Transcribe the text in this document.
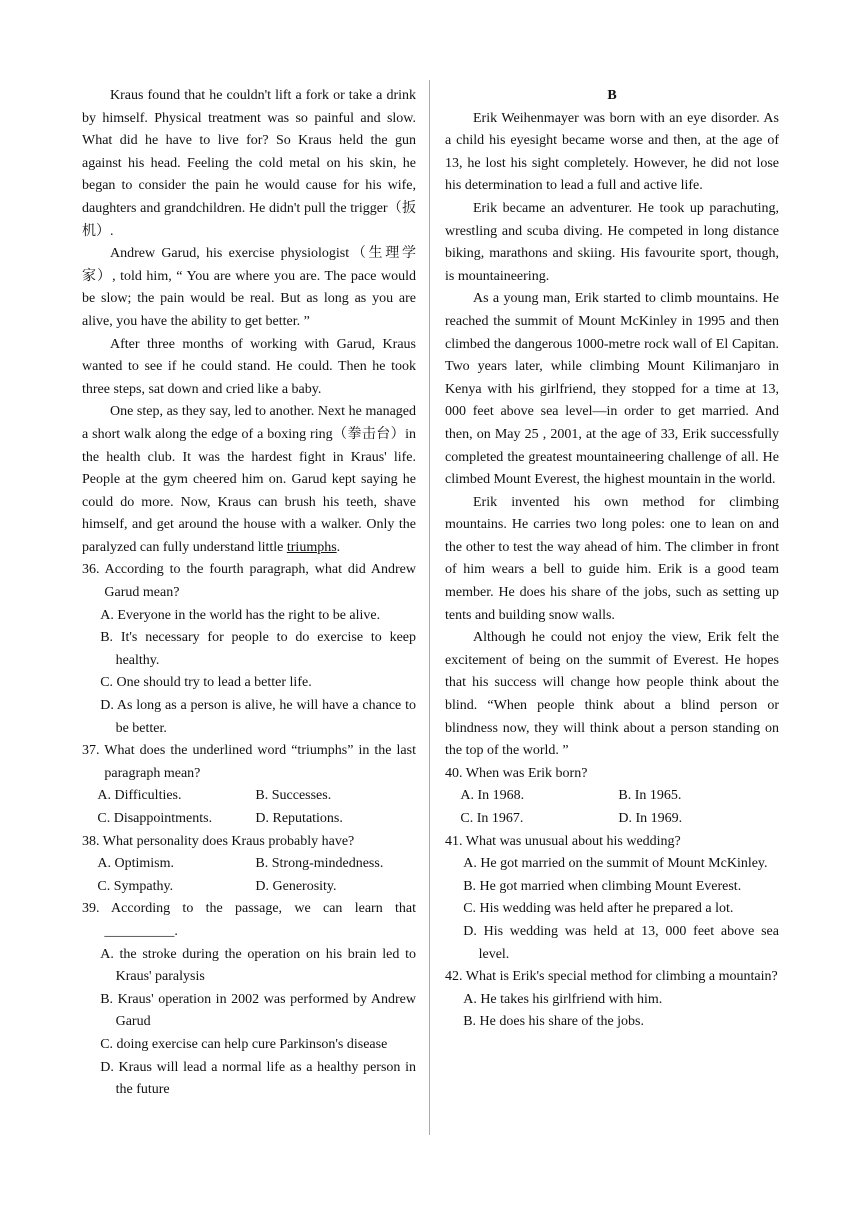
Kraus found that he couldn't lift a fork or take a drink by himself. Physical treatment was so painful and slow. What did he have to live for? So Kraus held the gun against his head. Feeling the cold metal on his skin, he began to consider the pain he would cause for his wife, daughters and grandchildren. He didn't pull the trigger（扳机）.

Andrew Garud, his exercise physiologist（生理学家）, told him, “ You are where you are. The pace would be slow; the pain would be real. But as long as you are alive, you have the ability to get better. ”

After three months of working with Garud, Kraus wanted to see if he could stand. He could. Then he took three steps, sat down and cried like a baby.

One step, as they say, led to another. Next he managed a short walk along the edge of a boxing ring（拳击台）in the health club. It was the hardest fight in Kraus' life. People at the gym cheered him on. Garud kept saying he could do more. Now, Kraus can brush his teeth, shave himself, and get around the house with a walker. Only the paralyzed can fully understand little triumphs.

36. According to the fourth paragraph, what did Andrew Garud mean?

A. Everyone in the world has the right to be alive.

B. It's necessary for people to do exercise to keep healthy.

C. One should try to lead a better life.

D. As long as a person is alive, he will have a chance to be better.

37. What does the underlined word “triumphs” in the last paragraph mean?

A. Difficulties.	B. Successes.
C. Disappointments.	D. Reputations.

38. What personality does Kraus probably have?

A. Optimism.	B. Strong-mindedness.
C. Sympathy.	D. Generosity.

39. According to the passage, we can learn that __________.

A. the stroke during the operation on his brain led to Kraus' paralysis

B. Kraus' operation in 2002 was performed by Andrew Garud

C. doing exercise can help cure Parkinson's disease

D. Kraus will lead a normal life as a healthy person in the future

B

Erik Weihenmayer was born with an eye disorder. As a child his eyesight became worse and then, at the age of 13, he lost his sight completely. However, he did not lose his determination to lead a full and active life.

Erik became an adventurer. He took up parachuting, wrestling and scuba diving. He competed in long distance biking, marathons and skiing. His favourite sport, though, is mountaineering.

As a young man, Erik started to climb mountains. He reached the summit of Mount McKinley in 1995 and then climbed the dangerous 1000-metre rock wall of El Capitan. Two years later, while climbing Mount Kilimanjaro in Kenya with his girlfriend, they stopped for a time at 13, 000 feet above sea level—in order to get married. And then, on May 25 , 2001, at the age of 33, Erik successfully completed the greatest mountaineering challenge of all. He climbed Mount Everest, the highest mountain in the world.

Erik invented his own method for climbing mountains. He carries two long poles: one to lean on and the other to test the way ahead of him. The climber in front of him wears a bell to guide him. Erik is a good team member. He does his share of the jobs, such as setting up tents and building snow walls.

Although he could not enjoy the view, Erik felt the excitement of being on the summit of Everest. He hopes that his success will change how people think about the blind. “When people think about a blind person or blindness now, they will think about a person standing on the top of the world. ”

40. When was Erik born?

A. In 1968.	B. In 1965.
C. In 1967.	D. In 1969.

41. What was unusual about his wedding?

A. He got married on the summit of Mount McKinley.

B. He got married when climbing Mount Everest.

C. His wedding was held after he prepared a lot.

D. His wedding was held at 13, 000 feet above sea level.

42. What is Erik's special method for climbing a mountain?

A. He takes his girlfriend with him.

B. He does his share of the jobs.
